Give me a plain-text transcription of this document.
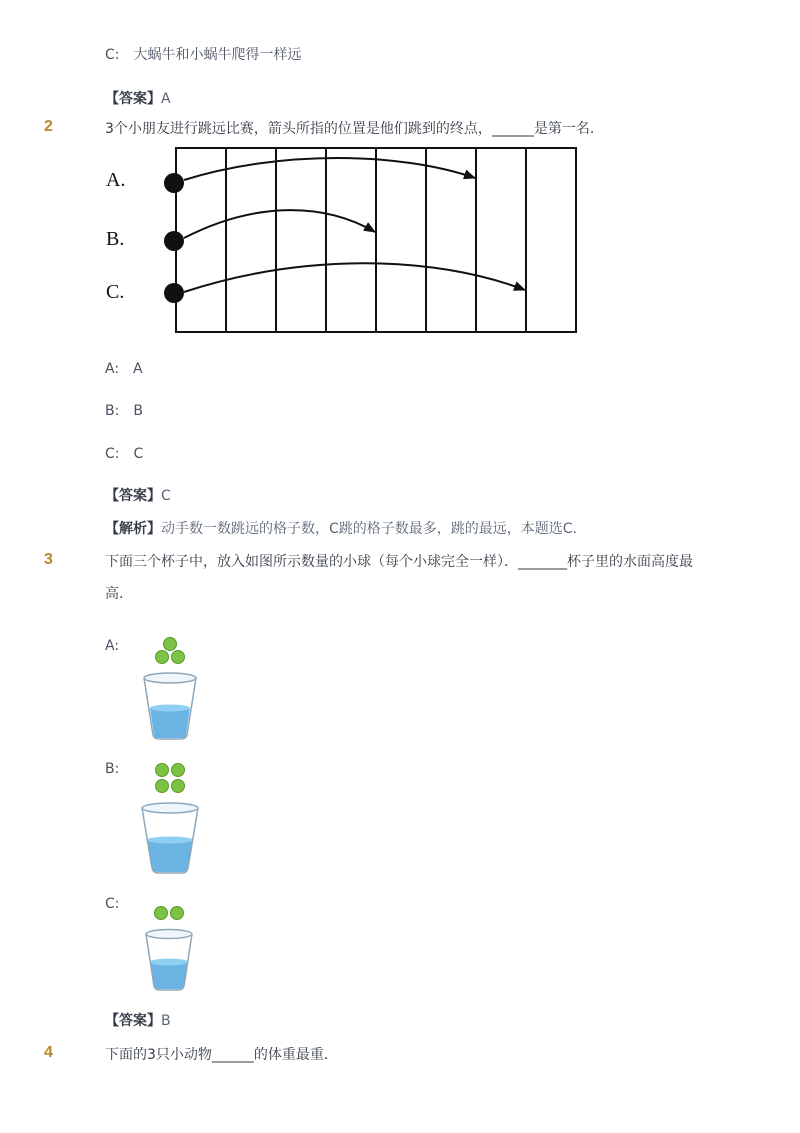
C:　大蜗牛和小蜗牛爬得一样远
【答案】A
2	3个小朋友进行跳远比赛，箭头所指的位置是他们跳到的终点，______是第一名.
A.
B.
C.
A:　A
B:　B
C:　C
【答案】C
【解析】动手数一数跳远的格子数，C跳的格子数最多，跳的最远，本题选C.
3	下面三个杯子中，放入如图所示数量的小球（每个小球完全一样）．_______杯子里的水面高度最
高.
A:
B:
C:
【答案】B
4	下面的3只小动物______的体重最重.
